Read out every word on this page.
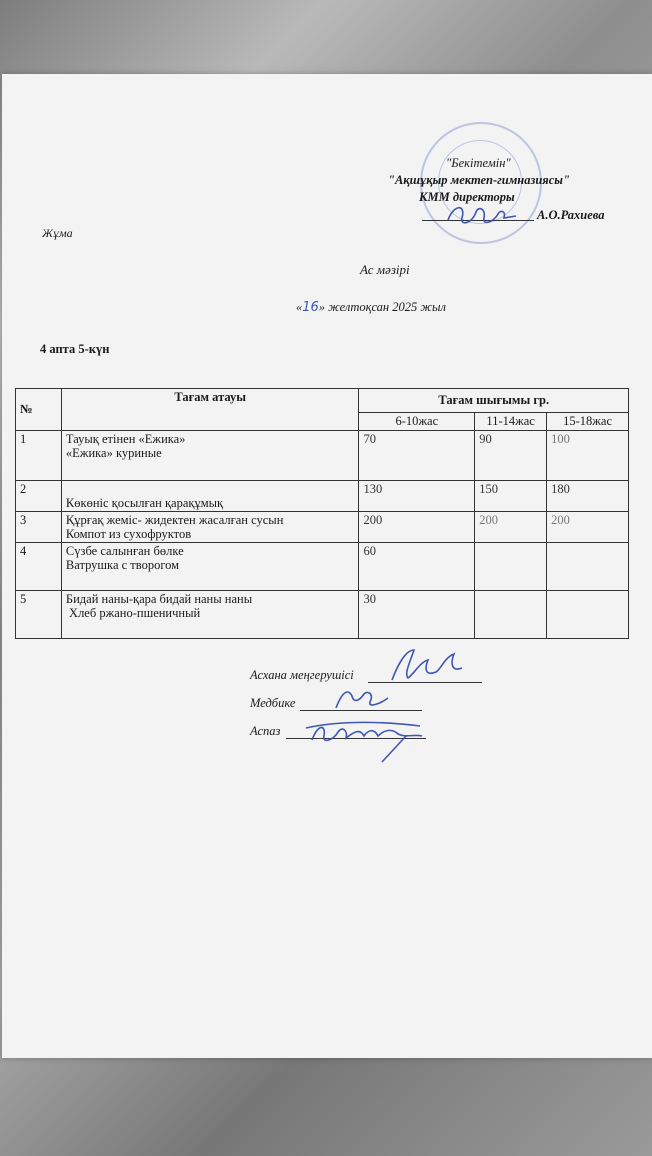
"Бекітемін"
"Ақшұқыр мектеп-гимназиясы"
КММ директоры
А.О.Рахиева
Жұма
Ас мәзірі
«16» желтоқсан 2025 жыл
4 апта 5-күн
№	Тағам атауы	Тағам шығымы гр.		
		6-10жас	11-14жас	15-18жас
1	Тауық етінен «Ежика»
«Ежика» куриные	70	90	100
2	Көкөніс қосылған қарақұмық	130	150	180
3	Құрғақ жеміс- жидектен жасалған сусын
Компот из сухофруктов	200	200	200
4	Сүзбе салынған бөлке
Ватрушка с творогом	60		
5	Бидай наны-қара бидай наны наны
Хлеб ржано-пшеничный	30		
Асхана меңгерушісі
Медбике
Аспаз
